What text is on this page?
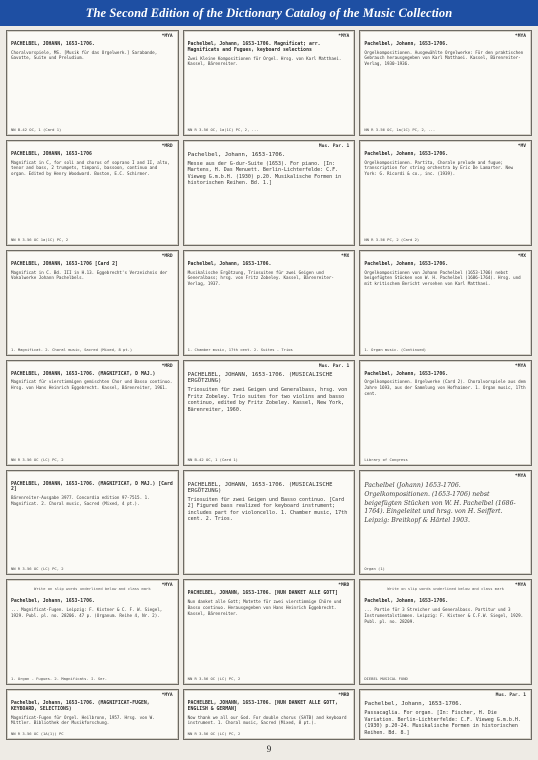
The Second Edition of the Dictionary Catalog of the Music Collection
*MYA
PACHELBEL, JOHANN, 1653-1706.
Choralvorspiele, MS. [Musik für das Orgelwerk.] Sarabande, Gavotte, Suite und Preludium.
NN B-42 OC, 1 (Card 1)
*MYA
Pachelbel, Johann, 1653-1706. Magnificat; arr. Magnificats and Fugues, keyboard selections
Zwei Kleine Kompositionen für Orgel. Hrsg. von Karl Matthaei. Kassel, Bärenreiter.
NN R 3.56 OC, 1a(1C) PC, 2, ...
*MYA
Pachelbel, Johann, 1653-1706.
Orgelkompositionen. Ausgewählte Orgelwerke: Für den praktischen Gebrauch herausgegeben von Karl Matthaei. Kassel, Bärenreiter-Verlag, 1930-1936.
NN R 3.56 OC, 1a(1C) PC, 2, ...
*MRD
PACHELBEL, JOHANN, 1653-1706
Magnificat in C, for soli and chorus of soprano I and II, alto, tenor and bass, 2 trumpets, timpani, bassoon, continuo and organ. Edited by Henry Woodward. Boston, E.C. Schirmer.
NN R 3.56 OC 1a(1C) PC, 2
Mus. Par. 1
Pachelbel, Johann, 1653-1706.
Messe aus der G-dur-Suite (1653). For piano. [In: Martens, H. Das Menuett. Berlin-Lichterfelde: C.F. Vieweg G.m.b.H. (1930) p.20. Musikalische Formen in historischen Reihen. Bd. 1.]
*MV
Pachelbel, Johann, 1653-1706.
Orgelkompositionen. Partita, Chorale prelude and fugue; transcription for string orchestra by Eric De Lamarter. New York: G. Ricordi & co., inc. (1939).
NN R 3.56 PC, 2 (Card 2)
*MRD
PACHELBEL, JOHANN, 1653-1706 [Card 2]
Magnificat in C. Bd. III in H.13. Eggebrecht's Verzeichnis der Vokalwerke Johann Pachelbels.
1. Magnificat. 2. Choral music, Sacred (Mixed, 8 pt.)
*MX
Pachelbel, Johann, 1653-1706.
Musikalische Ergötzung, Triosuiten für zwei Geigen und Generalbass; hrsg. von Fritz Zobeley. Kassel, Bärenreiter-Verlag, 1937.
1. Chamber music, 17th cent. 2. Suites - Trios
*MX
Pachelbel, Johann, 1653-1706.
Orgelkompositionen von Johann Pachelbel (1653-1706) nebst beigefügten Stücken von W. H. Pachelbel (1686-1764). Hrsg. und mit kritischem Bericht versehen von Karl Matthaei.
1. Organ music. (Continued)
*MRD
PACHELBEL, JOHANN, 1653-1706. (MAGNIFICAT, D MAJ.)
Magnificat für vierstimmigen gemischten Chor und Basso continuo. Hrsg. von Hans Heinrich Eggebrecht. Kassel, Bärenreiter, 1961.
NN R 3.56 OC (LC) PC, 2
Mus. Par. 1
PACHELBEL, JOHANN, 1653-1706. (MUSICALISCHE ERGÖTZUNG)
Triosuiten für zwei Geigen und Generalbass, hrsg. von Fritz Zobeley. Trio suites for two violins and basso continuo, edited by Fritz Zobeley. Kassel, New York, Bärenreiter, 1960.
NN B-42 OC, 1 (Card 1)
*MYA
Pachelbel, Johann, 1653-1706.
Orgelkompositionen. Orgelwerke (Card 2). Choralvorspiele aus dem Jahre 1693, aus der Sammlung von Hofhaimer. 1. Organ music, 17th cent.
Library of Congress
PACHELBEL, JOHANN, 1653-1706. (MAGNIFICAT, D MAJ.) [Card 2]
Bärenreiter-Ausgabe 3977. Concordia edition 97-7515. 1. Magnificat. 2. Choral music, Sacred (Mixed, 4 pt.).
NN R 3.56 OC (LC) PC, 2
PACHELBEL, JOHANN, 1653-1706. (MUSICALISCHE ERGÖTZUNG)
Triosuiten für zwei Geigen und Basso continuo. [Card 2] Figured bass realized for keyboard instrument; includes part for violoncello. 1. Chamber music, 17th cent. 2. Trios.
*MYA
Pachelbel (Johann) 1653-1706. Orgelkompositionen. (1653-1706) nebst beigefügten Stücken von W. H. Pachelbel (1686-1764). Eingeleitet und hrsg. von H. Seiffert. Leipzig: Breitkopf & Härtel 1903.
Organ (1)
*MYA
Write on slip words underlined below and class mark
Pachelbel, Johann, 1653-1706.
... Magnificat-Fugen. Leipzig: F. Kistner & C. F. W. Siegel, 1929. Publ. pl. no. 28206. 47 p. (Organum. Reihe 4, Nr. 2).
1. Organ - Fugues. 2. Magnificats. I. Ser.
*MRD
PACHELBEL, JOHANN, 1653-1706. [NUN DANKET ALLE GOTT]
Nun danket alle Gott; Motette für zwei vierstimmige Chöre und Basso continuo. Herausgegeben von Hans Heinrich Eggebrecht. Kassel, Bärenreiter.
NN R 3.56 OC (LC) PC, 2
*MYA
Write on slip words underlined below and class mark
Pachelbel, Johann, 1653-1706.
... Partie für 3 Streicher und Generalbass. Partitur und 3 Instrumentalstimmen. Leipzig: F. Kistner & C.F.W. Siegel, 1929. Publ. pl. no. 28209.
DIEBEL MUSICAL FUND
*MYA
Pachelbel, Johann, 1653-1706. (MAGNIFICAT-FUGEN, KEYBOARD, SELECTIONS)
Magnificat-Fugen für Orgel. Heilbronn, 1957. Hrsg. von W. Mittler. Bibliothek der Musikforschung.
NN R 3.56 OC (1A(1)) PC
*MRD
PACHELBEL, JOHANN, 1653-1706. [NUN DANKET ALLE GOTT, ENGLISH & GERMAN]
Now thank we all our God. For double chorus (SATB) and keyboard instrument. 1. Choral music, Sacred (Mixed, 8 pt.).
NN R 3.56 OC (LC) PC, 2
Mus. Par. 1
Pachelbel, Johann, 1653-1706.
Passacaglia. For organ. [In: Fischer, H. Die Variation. Berlin-Lichterfelde: C.F. Vieweg G.m.b.H. (1930) p.20-24. Musikalische Formen in historischen Reihen. Bd. 8.]
9
